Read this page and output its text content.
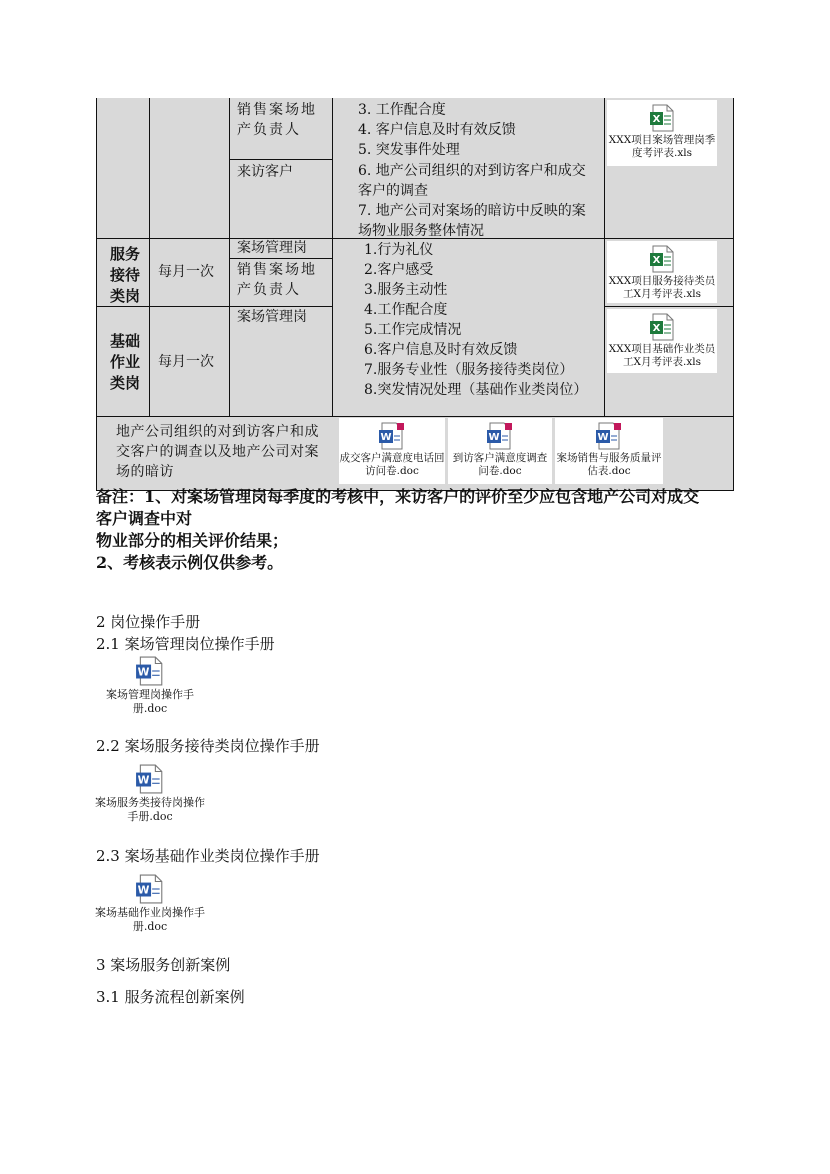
销售案场地产负责人
来访客户
3. 工作配合度
4. 客户信息及时有效反馈
5. 突发事件处理
6. 地产公司组织的对到访客户和成交客户的调查
7. 地产公司对案场的暗访中反映的案场物业服务整体情况
X
XXX项目案场管理岗季度考评表.xls
服务接待类岗
每月一次
案场管理岗
销售案场地产负责人
X
XXX项目服务接待类员工X月考评表.xls
基础作业类岗
每月一次
案场管理岗
X
XXX项目基础作业类员工X月考评表.xls
1.行为礼仪
2.客户感受
3.服务主动性
4.工作配合度
5.工作完成情况
6.客户信息及时有效反馈
7.服务专业性（服务接待类岗位）
8.突发情况处理（基础作业类岗位）
地产公司组织的对到访客户和成交客户的调查以及地产公司对案场的暗访
W
成交客户满意度电话回访问卷.doc
W
到访客户满意度调查问卷.doc
W
案场销售与服务质量评估表.doc
备注：1、对案场管理岗每季度的考核中，来访客户的评价至少应包含地产公司对成交
客户调查中对
物业部分的相关评价结果；
2、考核表示例仅供参考。
2 岗位操作手册
2.1 案场管理岗位操作手册
W
案场管理岗操作手册.doc
2.2 案场服务接待类岗位操作手册
W
案场服务类接待岗操作手册.doc
2.3 案场基础作业类岗位操作手册
W
案场基础作业岗操作手册.doc
3 案场服务创新案例
3.1 服务流程创新案例
